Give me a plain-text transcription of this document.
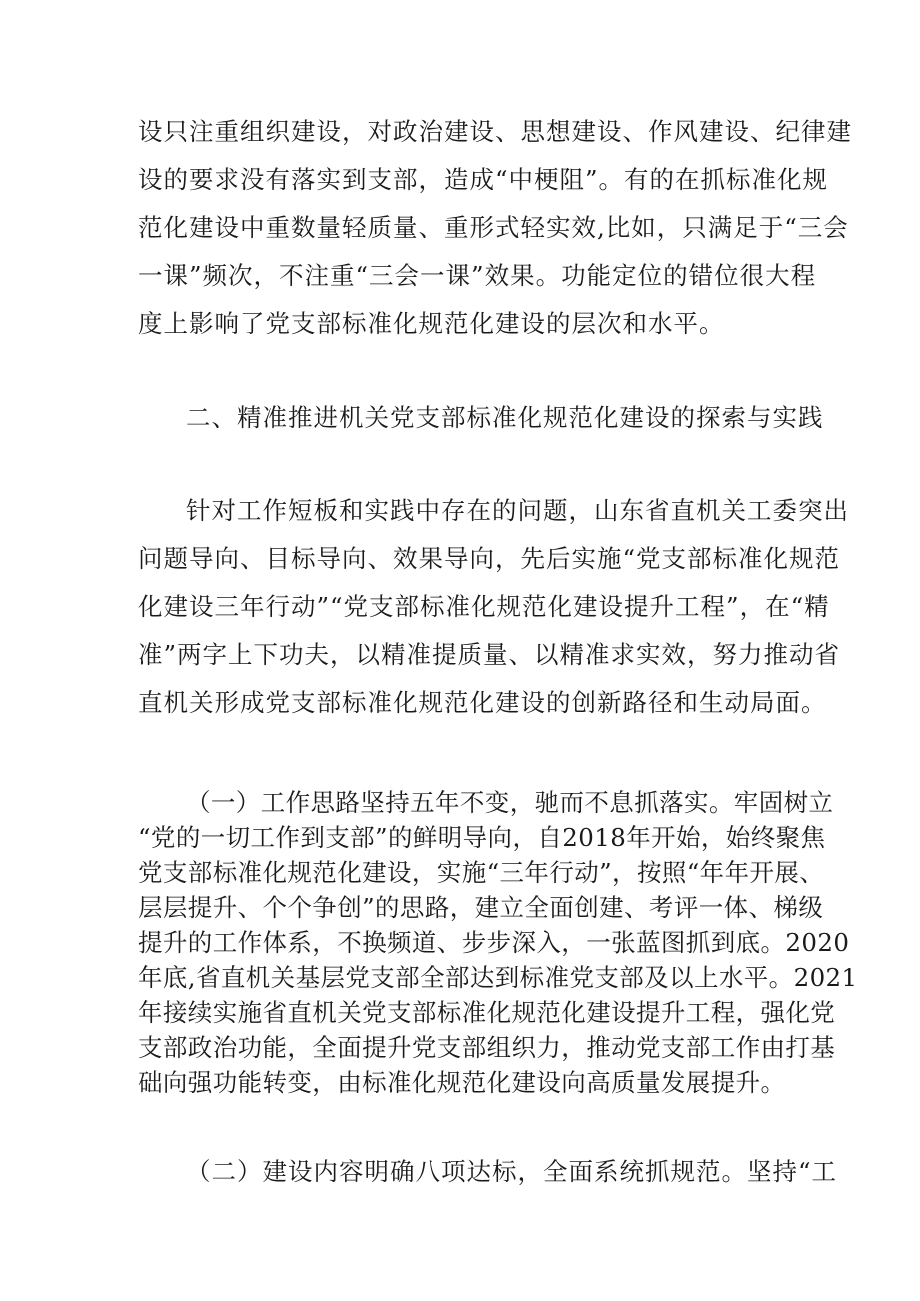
设只注重组织建设，对政治建设、思想建设、作风建设、纪律建
设的要求没有落实到支部，造成“中梗阻”。有的在抓标准化规
范化建设中重数量轻质量、重形式轻实效,比如，只满足于“三会
一课”频次，不注重“三会一课”效果。功能定位的错位很大程
度上影响了党支部标准化规范化建设的层次和水平。
二、精准推进机关党支部标准化规范化建设的探索与实践
针对工作短板和实践中存在的问题，山东省直机关工委突出
问题导向、目标导向、效果导向，先后实施“党支部标准化规范
化建设三年行动”“党支部标准化规范化建设提升工程”，在“精
准”两字上下功夫，以精准提质量、以精准求实效，努力推动省
直机关形成党支部标准化规范化建设的创新路径和生动局面。
（一）工作思路坚持五年不变，驰而不息抓落实。牢固树立
“党的一切工作到支部”的鲜明导向，自2018年开始，始终聚焦
党支部标准化规范化建设，实施“三年行动”，按照“年年开展、
层层提升、个个争创”的思路，建立全面创建、考评一体、梯级
提升的工作体系，不换频道、步步深入，一张蓝图抓到底。2020
年底,省直机关基层党支部全部达到标准党支部及以上水平。2021
年接续实施省直机关党支部标准化规范化建设提升工程，强化党
支部政治功能，全面提升党支部组织力，推动党支部工作由打基
础向强功能转变，由标准化规范化建设向高质量发展提升。
（二）建设内容明确八项达标，全面系统抓规范。坚持“工
